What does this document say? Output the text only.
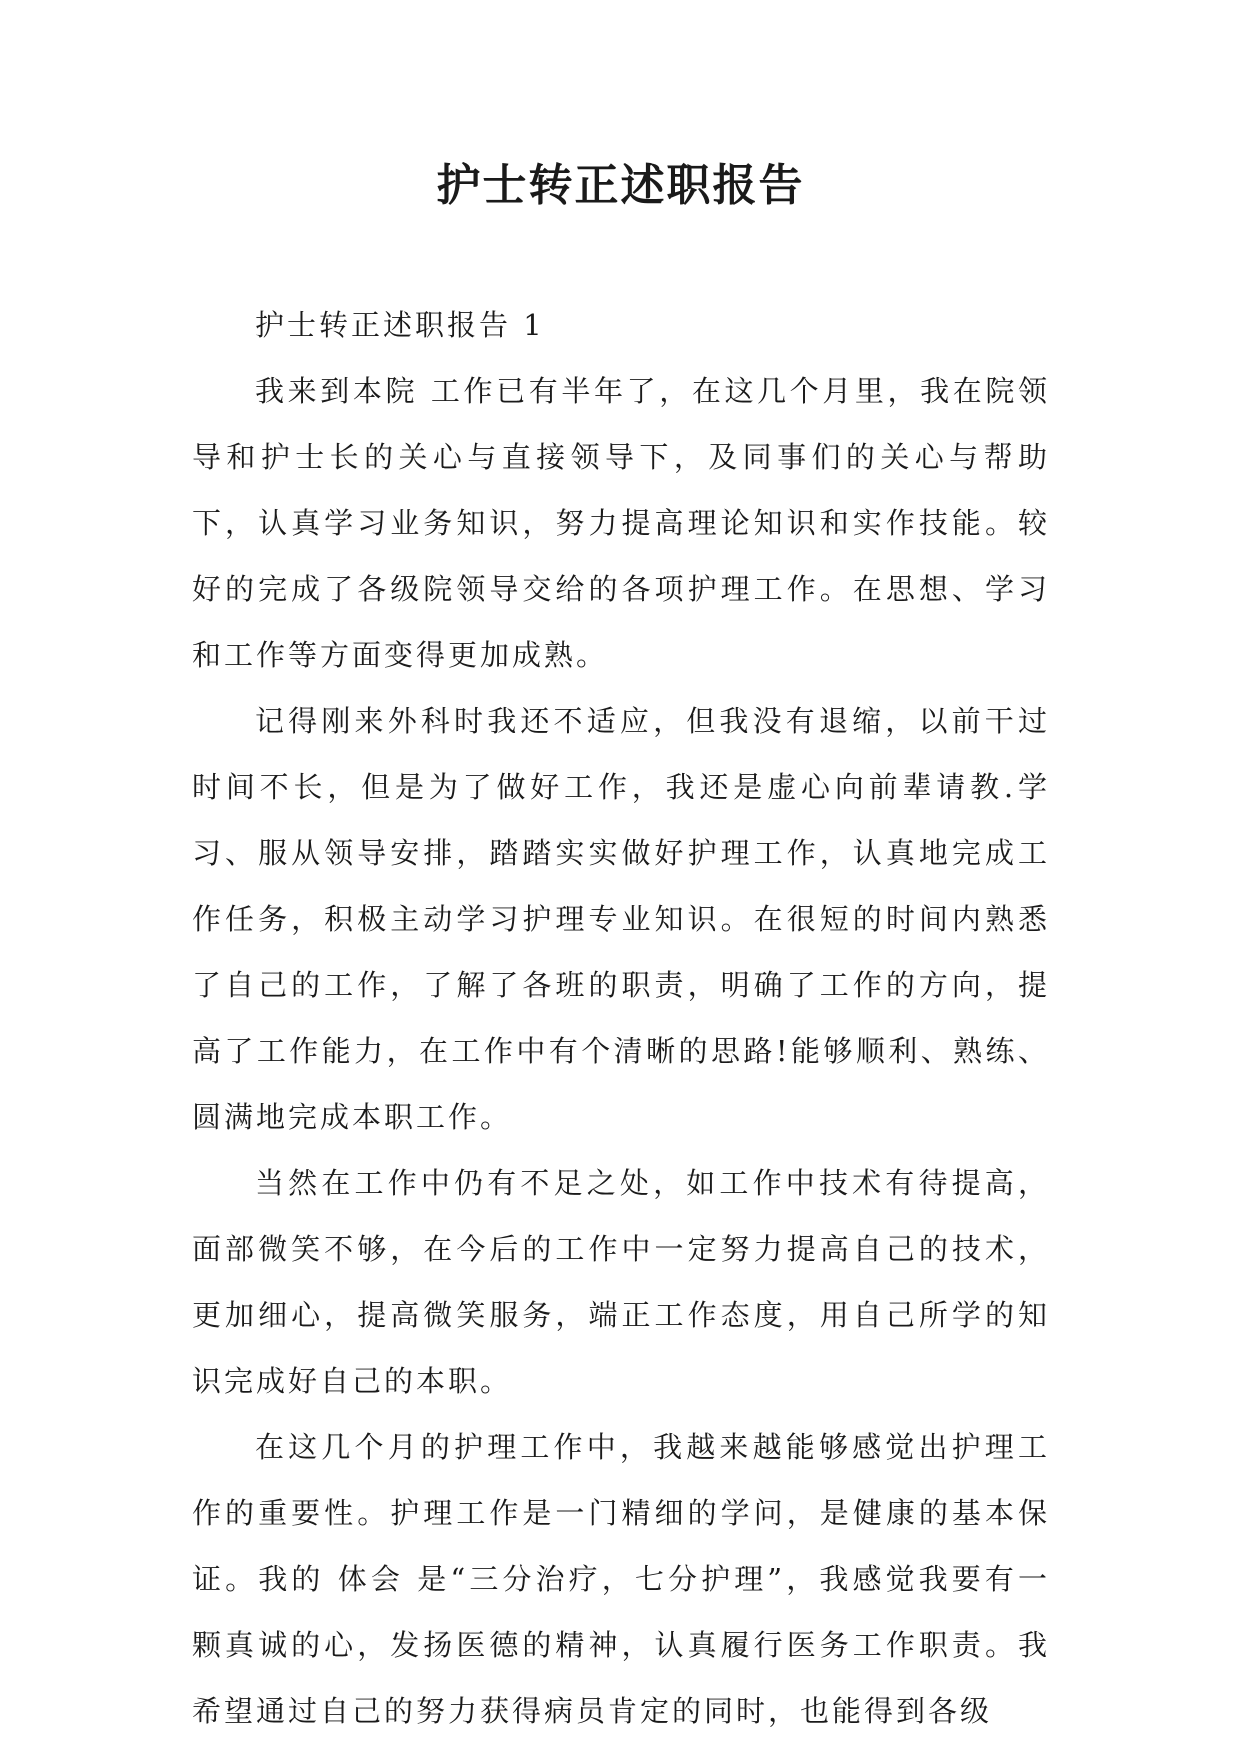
护士转正述职报告

护士转正述职报告 1

我来到本院 工作已有半年了，在这几个月里，我在院领导和护士长的关心与直接领导下，及同事们的关心与帮助下，认真学习业务知识，努力提高理论知识和实作技能。较好的完成了各级院领导交给的各项护理工作。在思想、学习和工作等方面变得更加成熟。

记得刚来外科时我还不适应，但我没有退缩，以前干过时间不长，但是为了做好工作，我还是虚心向前辈请教.学习、服从领导安排，踏踏实实做好护理工作，认真地完成工作任务，积极主动学习护理专业知识。在很短的时间内熟悉了自己的工作，了解了各班的职责，明确了工作的方向，提高了工作能力，在工作中有个清晰的思路!能够顺利、熟练、圆满地完成本职工作。

当然在工作中仍有不足之处，如工作中技术有待提高，面部微笑不够，在今后的工作中一定努力提高自己的技术，更加细心，提高微笑服务，端正工作态度，用自己所学的知识完成好自己的本职。

在这几个月的护理工作中，我越来越能够感觉出护理工作的重要性。护理工作是一门精细的学问，是健康的基本保证。我的 体会 是“三分治疗，七分护理”，我感觉我要有一颗真诚的心，发扬医德的精神，认真履行医务工作职责。我希望通过自己的努力获得病员肯定的同时，也能得到各级
